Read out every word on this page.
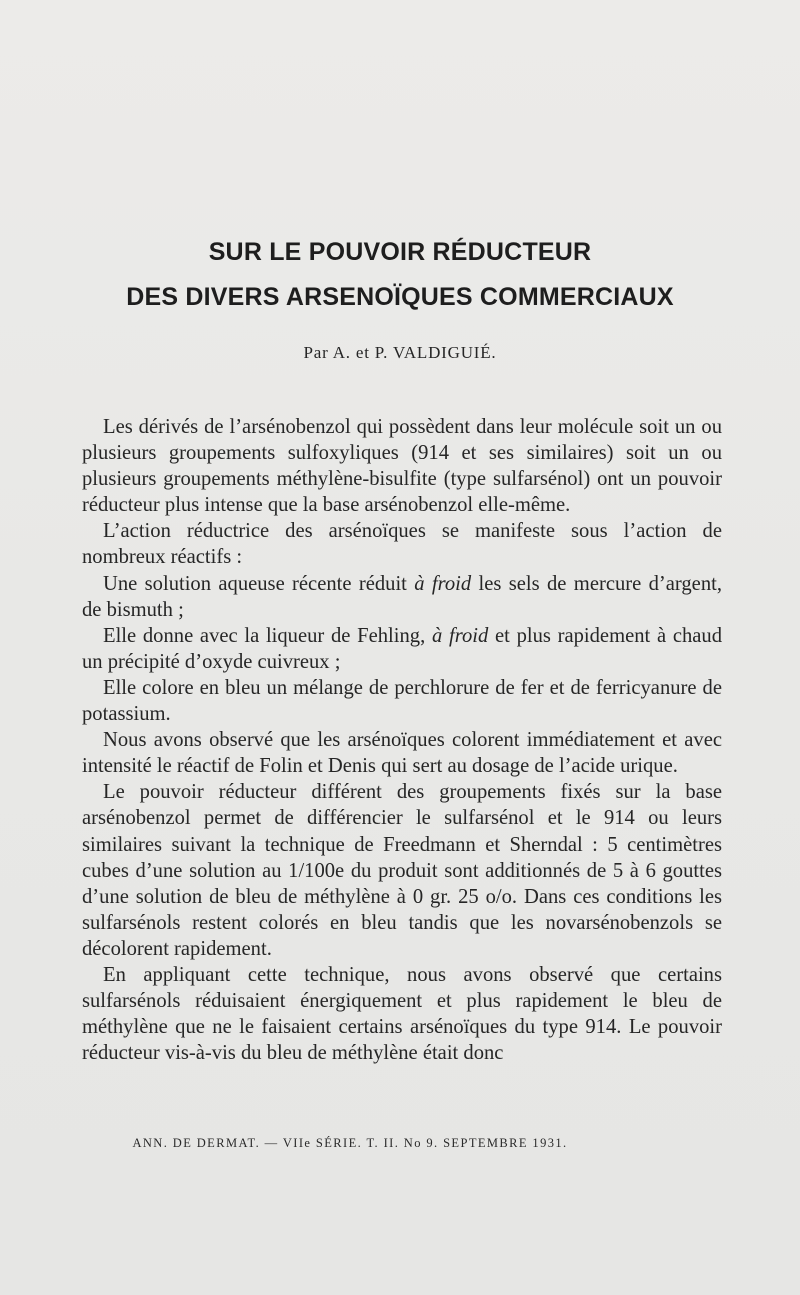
SUR LE POUVOIR RÉDUCTEUR
DES DIVERS ARSENOÏQUES COMMERCIAUX

Par A. et P. VALDIGUIÉ.

Les dérivés de l’arsénobenzol qui possèdent dans leur molécule soit un ou plusieurs groupements sulfoxyliques (914 et ses similaires) soit un ou plusieurs groupements méthylène-bisulfite (type sulfarsénol) ont un pouvoir réducteur plus intense que la base arsénobenzol elle-même.

L’action réductrice des arsénoïques se manifeste sous l’action de nombreux réactifs :

Une solution aqueuse récente réduit à froid les sels de mercure d’argent, de bismuth ;

Elle donne avec la liqueur de Fehling, à froid et plus rapidement à chaud un précipité d’oxyde cuivreux ;

Elle colore en bleu un mélange de perchlorure de fer et de ferricyanure de potassium.

Nous avons observé que les arsénoïques colorent immédiatement et avec intensité le réactif de Folin et Denis qui sert au dosage de l’acide urique.

Le pouvoir réducteur différent des groupements fixés sur la base arsénobenzol permet de différencier le sulfarsénol et le 914 ou leurs similaires suivant la technique de Freedmann et Sherndal : 5 centimètres cubes d’une solution au 1/100e du produit sont additionnés de 5 à 6 gouttes d’une solution de bleu de méthylène à 0 gr. 25 o/o. Dans ces conditions les sulfarsénols restent colorés en bleu tandis que les novarsénobenzols se décolorent rapidement.

En appliquant cette technique, nous avons observé que certains sulfarsénols réduisaient énergiquement et plus rapidement le bleu de méthylène que ne le faisaient certains arsénoïques du type 914. Le pouvoir réducteur vis-à-vis du bleu de méthylène était donc

ANN. DE DERMAT. — VIIe SÉRIE. T. II. No 9. SEPTEMBRE 1931.
